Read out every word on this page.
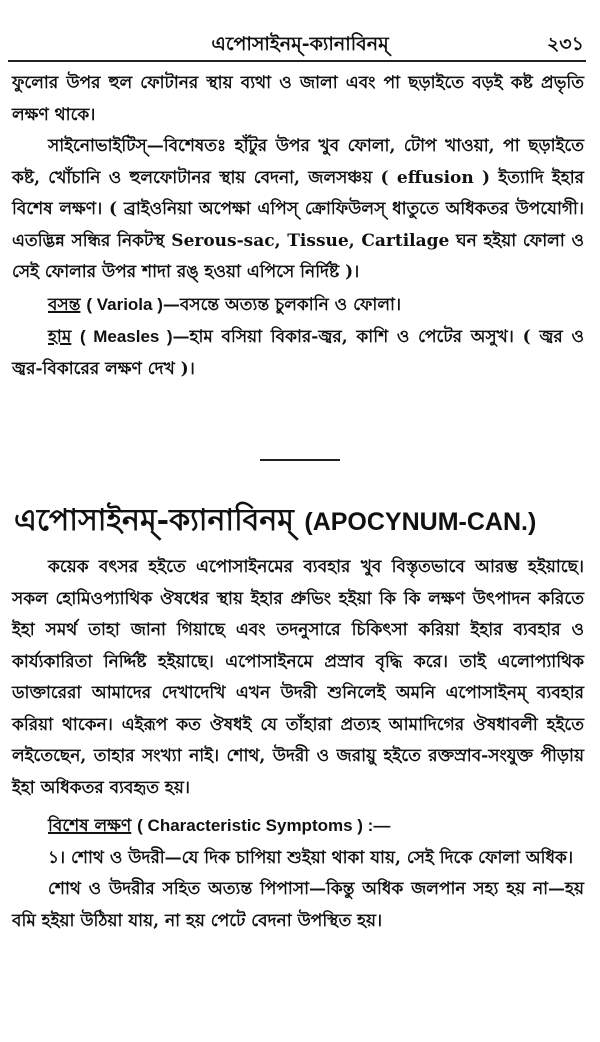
এপোসাইনম্-ক্যানাবিনম্	২৩১

ফুলোর উপর হুল ফোটানর স্থায় ব্যথা ও জালা এবং পা ছড়াইতে বড়ই কষ্ট প্রভৃতি লক্ষণ থাকে।

সাইনোভাইটিস্—বিশেষতঃ হাঁটুর উপর খুব ফোলা, টোপ খাওয়া, পা ছড়াইতে কষ্ট, খোঁচানি ও হুলফোটানর স্থায় বেদনা, জলসঞ্চয় ( effusion ) ইত্যাদি ইহার বিশেষ লক্ষণ। ( ব্রাইওনিয়া অপেক্ষা এপিস্ ক্রোফিউলস্ ধাতুতে অধিকতর উপযোগী। এতদ্ভিন্ন সন্ধির নিকটস্থ Serous-sac, Tissue, Cartilage ঘন হইয়া ফোলা ও সেই ফোলার উপর শাদা রঙ্ হওয়া এপিসে নির্দিষ্ট )।

বসন্ত ( Variola )—বসন্তে অত্যন্ত চুলকানি ও ফোলা।

হাম ( Measles )—হাম বসিয়া বিকার-জ্বর, কাশি ও পেটের অসুখ। ( জ্বর ও জ্বর-বিকারের লক্ষণ দেখ )।

এপোসাইনম্-ক্যানাবিনম্ (APOCYNUM-CAN.)

কয়েক বৎসর হইতে এপোসাইনমের ব্যবহার খুব বিস্তৃতভাবে আরম্ভ হইয়াছে। সকল হোমিওপ্যাথিক ঔষধের স্থায় ইহার প্রুভিং হইয়া কি কি লক্ষণ উৎপাদন করিতে ইহা সমর্থ তাহা জানা গিয়াছে এবং তদনুসারে চিকিৎসা করিয়া ইহার ব্যবহার ও কার্য্যকারিতা নির্দ্দিষ্ট হইয়াছে। এপোসাইনমে প্রস্রাব বৃদ্ধি করে। তাই এলোপ্যাথিক ডাক্তারেরা আমাদের দেখাদেখি এখন উদরী শুনিলেই অমনি এপোসাইনম্ ব্যবহার করিয়া থাকেন। এইরূপ কত ঔষধই যে তাঁহারা প্রত্যহ আমাদিগের ঔষধাবলী হইতে লইতেছেন, তাহার সংখ্যা নাই। শোথ, উদরী ও জরায়ু হইতে রক্তস্রাব-সংযুক্ত পীড়ায় ইহা অধিকতর ব্যবহৃত হয়।

বিশেষ লক্ষণ ( Characteristic Symptoms ) :—

১। শোথ ও উদরী—যে দিক চাপিয়া শুইয়া থাকা যায়, সেই দিকে ফোলা অধিক।

শোথ ও উদরীর সহিত অত্যন্ত পিপাসা—কিন্তু অধিক জলপান সহ্য হয় না—হয় বমি হইয়া উঠিয়া যায়, না হয় পেটে বেদনা উপস্থিত হয়।
